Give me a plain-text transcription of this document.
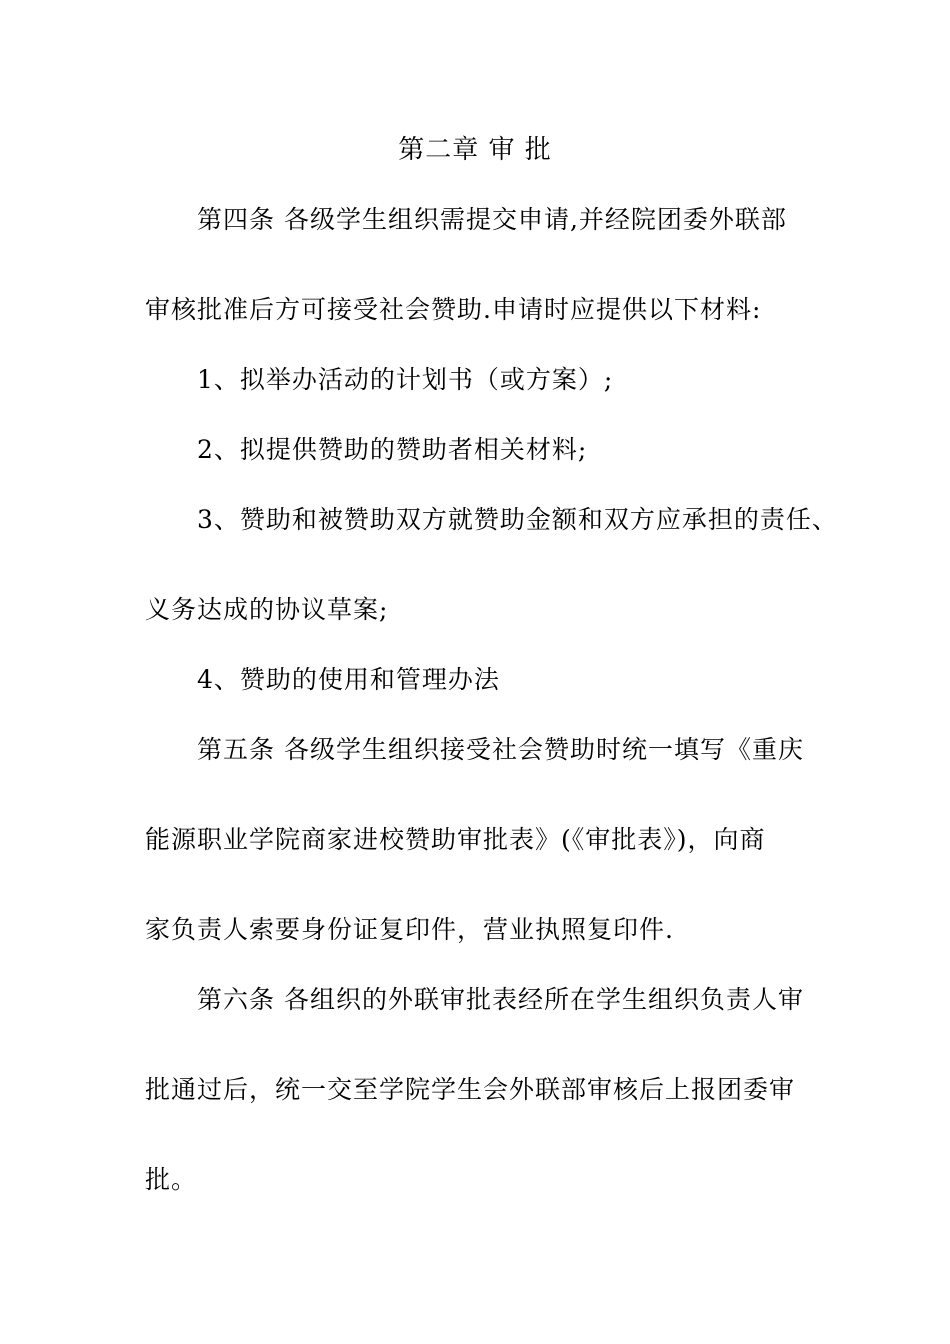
第二章 审 批
第四条 各级学生组织需提交申请,并经院团委外联部
审核批准后方可接受社会赞助.申请时应提供以下材料:
1、拟举办活动的计划书（或方案）;
2、拟提供赞助的赞助者相关材料;
3、赞助和被赞助双方就赞助金额和双方应承担的责任、
义务达成的协议草案;
4、赞助的使用和管理办法
第五条 各级学生组织接受社会赞助时统一填写《重庆
能源职业学院商家进校赞助审批表》(《审批表》)，向商
家负责人索要身份证复印件，营业执照复印件.
第六条 各组织的外联审批表经所在学生组织负责人审
批通过后，统一交至学院学生会外联部审核后上报团委审
批。
